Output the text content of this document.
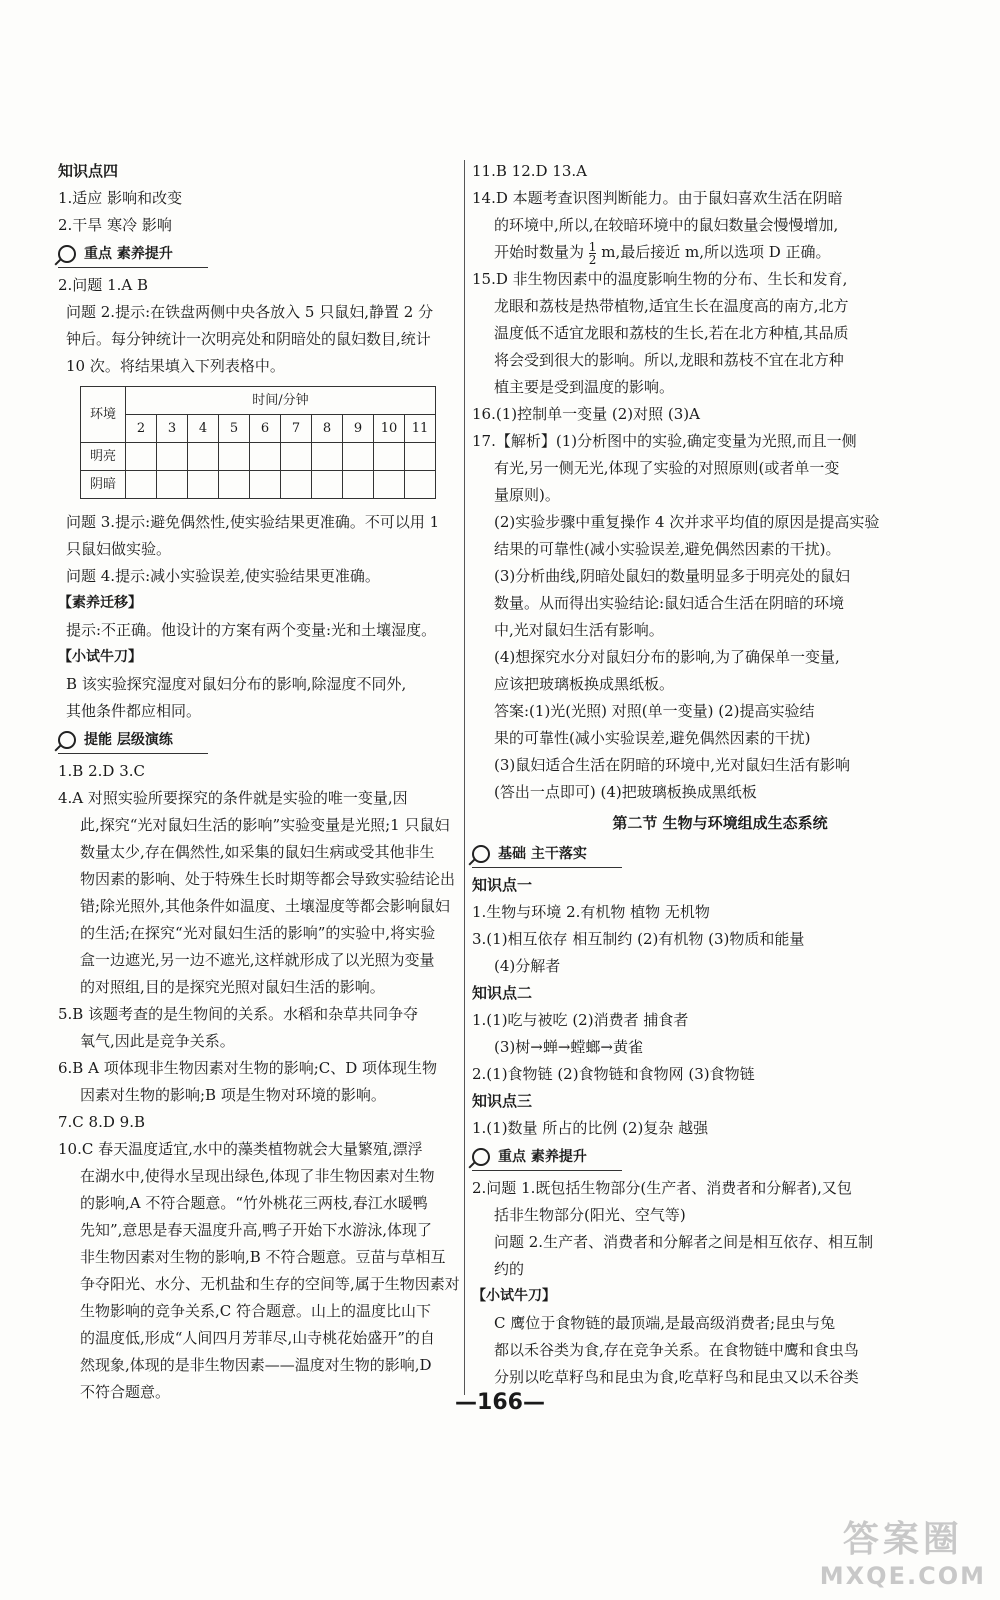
知识点四
1.适应 影响和改变
2.干旱 寒冷 影响
重点 素养提升
2.问题 1.A B
问题 2.提示:在铁盘两侧中央各放入 5 只鼠妇,静置 2 分
钟后。每分钟统计一次明亮处和阴暗处的鼠妇数目,统计
10 次。将结果填入下列表格中。
环境	时间/分钟									
	2	3	4	5	6	7	8	9	10	11
明亮										
阴暗										
问题 3.提示:避免偶然性,使实验结果更准确。不可以用 1
只鼠妇做实验。
问题 4.提示:减小实验误差,使实验结果更准确。
【素养迁移】
提示:不正确。他设计的方案有两个变量:光和土壤湿度。
【小试牛刀】
B 该实验探究湿度对鼠妇分布的影响,除湿度不同外,
其他条件都应相同。
提能 层级演练
1.B 2.D 3.C
4.A 对照实验所要探究的条件就是实验的唯一变量,因
此,探究“光对鼠妇生活的影响”实验变量是光照;1 只鼠妇
数量太少,存在偶然性,如采集的鼠妇生病或受其他非生
物因素的影响、处于特殊生长时期等都会导致实验结论出
错;除光照外,其他条件如温度、土壤湿度等都会影响鼠妇
的生活;在探究“光对鼠妇生活的影响”的实验中,将实验
盒一边遮光,另一边不遮光,这样就形成了以光照为变量
的对照组,目的是探究光照对鼠妇生活的影响。
5.B 该题考查的是生物间的关系。水稻和杂草共同争夺
氧气,因此是竞争关系。
6.B A 项体现非生物因素对生物的影响;C、D 项体现生物
因素对生物的影响;B 项是生物对环境的影响。
7.C 8.D 9.B
10.C 春天温度适宜,水中的藻类植物就会大量繁殖,漂浮
在湖水中,使得水呈现出绿色,体现了非生物因素对生物
的影响,A 不符合题意。“竹外桃花三两枝,春江水暖鸭
先知”,意思是春天温度升高,鸭子开始下水游泳,体现了
非生物因素对生物的影响,B 不符合题意。豆苗与草相互
争夺阳光、水分、无机盐和生存的空间等,属于生物因素对
生物影响的竞争关系,C 符合题意。山上的温度比山下
的温度低,形成“人间四月芳菲尽,山寺桃花始盛开”的自
然现象,体现的是非生物因素——温度对生物的影响,D
不符合题意。
11.B 12.D 13.A
14.D 本题考查识图判断能力。由于鼠妇喜欢生活在阴暗
的环境中,所以,在较暗环境中的鼠妇数量会慢慢增加,
开始时数量为 $\frac{1}{2} m$,最后接近 m,所以选项 D 正确。
15.D 非生物因素中的温度影响生物的分布、生长和发育,
龙眼和荔枝是热带植物,适宜生长在温度高的南方,北方
温度低不适宜龙眼和荔枝的生长,若在北方种植,其品质
将会受到很大的影响。所以,龙眼和荔枝不宜在北方种
植主要是受到温度的影响。
16.(1)控制单一变量 (2)对照 (3)A
17.【解析】(1)分析图中的实验,确定变量为光照,而且一侧
有光,另一侧无光,体现了实验的对照原则(或者单一变
量原则)。
(2)实验步骤中重复操作 4 次并求平均值的原因是提高实验
结果的可靠性(减小实验误差,避免偶然因素的干扰)。
(3)分析曲线,阴暗处鼠妇的数量明显多于明亮处的鼠妇
数量。从而得出实验结论:鼠妇适合生活在阴暗的环境
中,光对鼠妇生活有影响。
(4)想探究水分对鼠妇分布的影响,为了确保单一变量,
应该把玻璃板换成黑纸板。
答案:(1)光(光照) 对照(单一变量) (2)提高实验结
果的可靠性(减小实验误差,避免偶然因素的干扰)
(3)鼠妇适合生活在阴暗的环境中,光对鼠妇生活有影响
(答出一点即可) (4)把玻璃板换成黑纸板
第二节 生物与环境组成生态系统
基础 主干落实
知识点一
1.生物与环境 2.有机物 植物 无机物
3.(1)相互依存 相互制约 (2)有机物 (3)物质和能量
(4)分解者
知识点二
1.(1)吃与被吃 (2)消费者 捕食者
(3)树→蝉→螳螂→黄雀
2.(1)食物链 (2)食物链和食物网 (3)食物链
知识点三
1.(1)数量 所占的比例 (2)复杂 越强
重点 素养提升
2.问题 1.既包括生物部分(生产者、消费者和分解者),又包
括非生物部分(阳光、空气等)
问题 2.生产者、消费者和分解者之间是相互依存、相互制
约的
【小试牛刀】
C 鹰位于食物链的最顶端,是最高级消费者;昆虫与兔
都以禾谷类为食,存在竞争关系。在食物链中鹰和食虫鸟
分别以吃草籽鸟和昆虫为食,吃草籽鸟和昆虫又以禾谷类
—166—
答案圈
MXQE.COM
